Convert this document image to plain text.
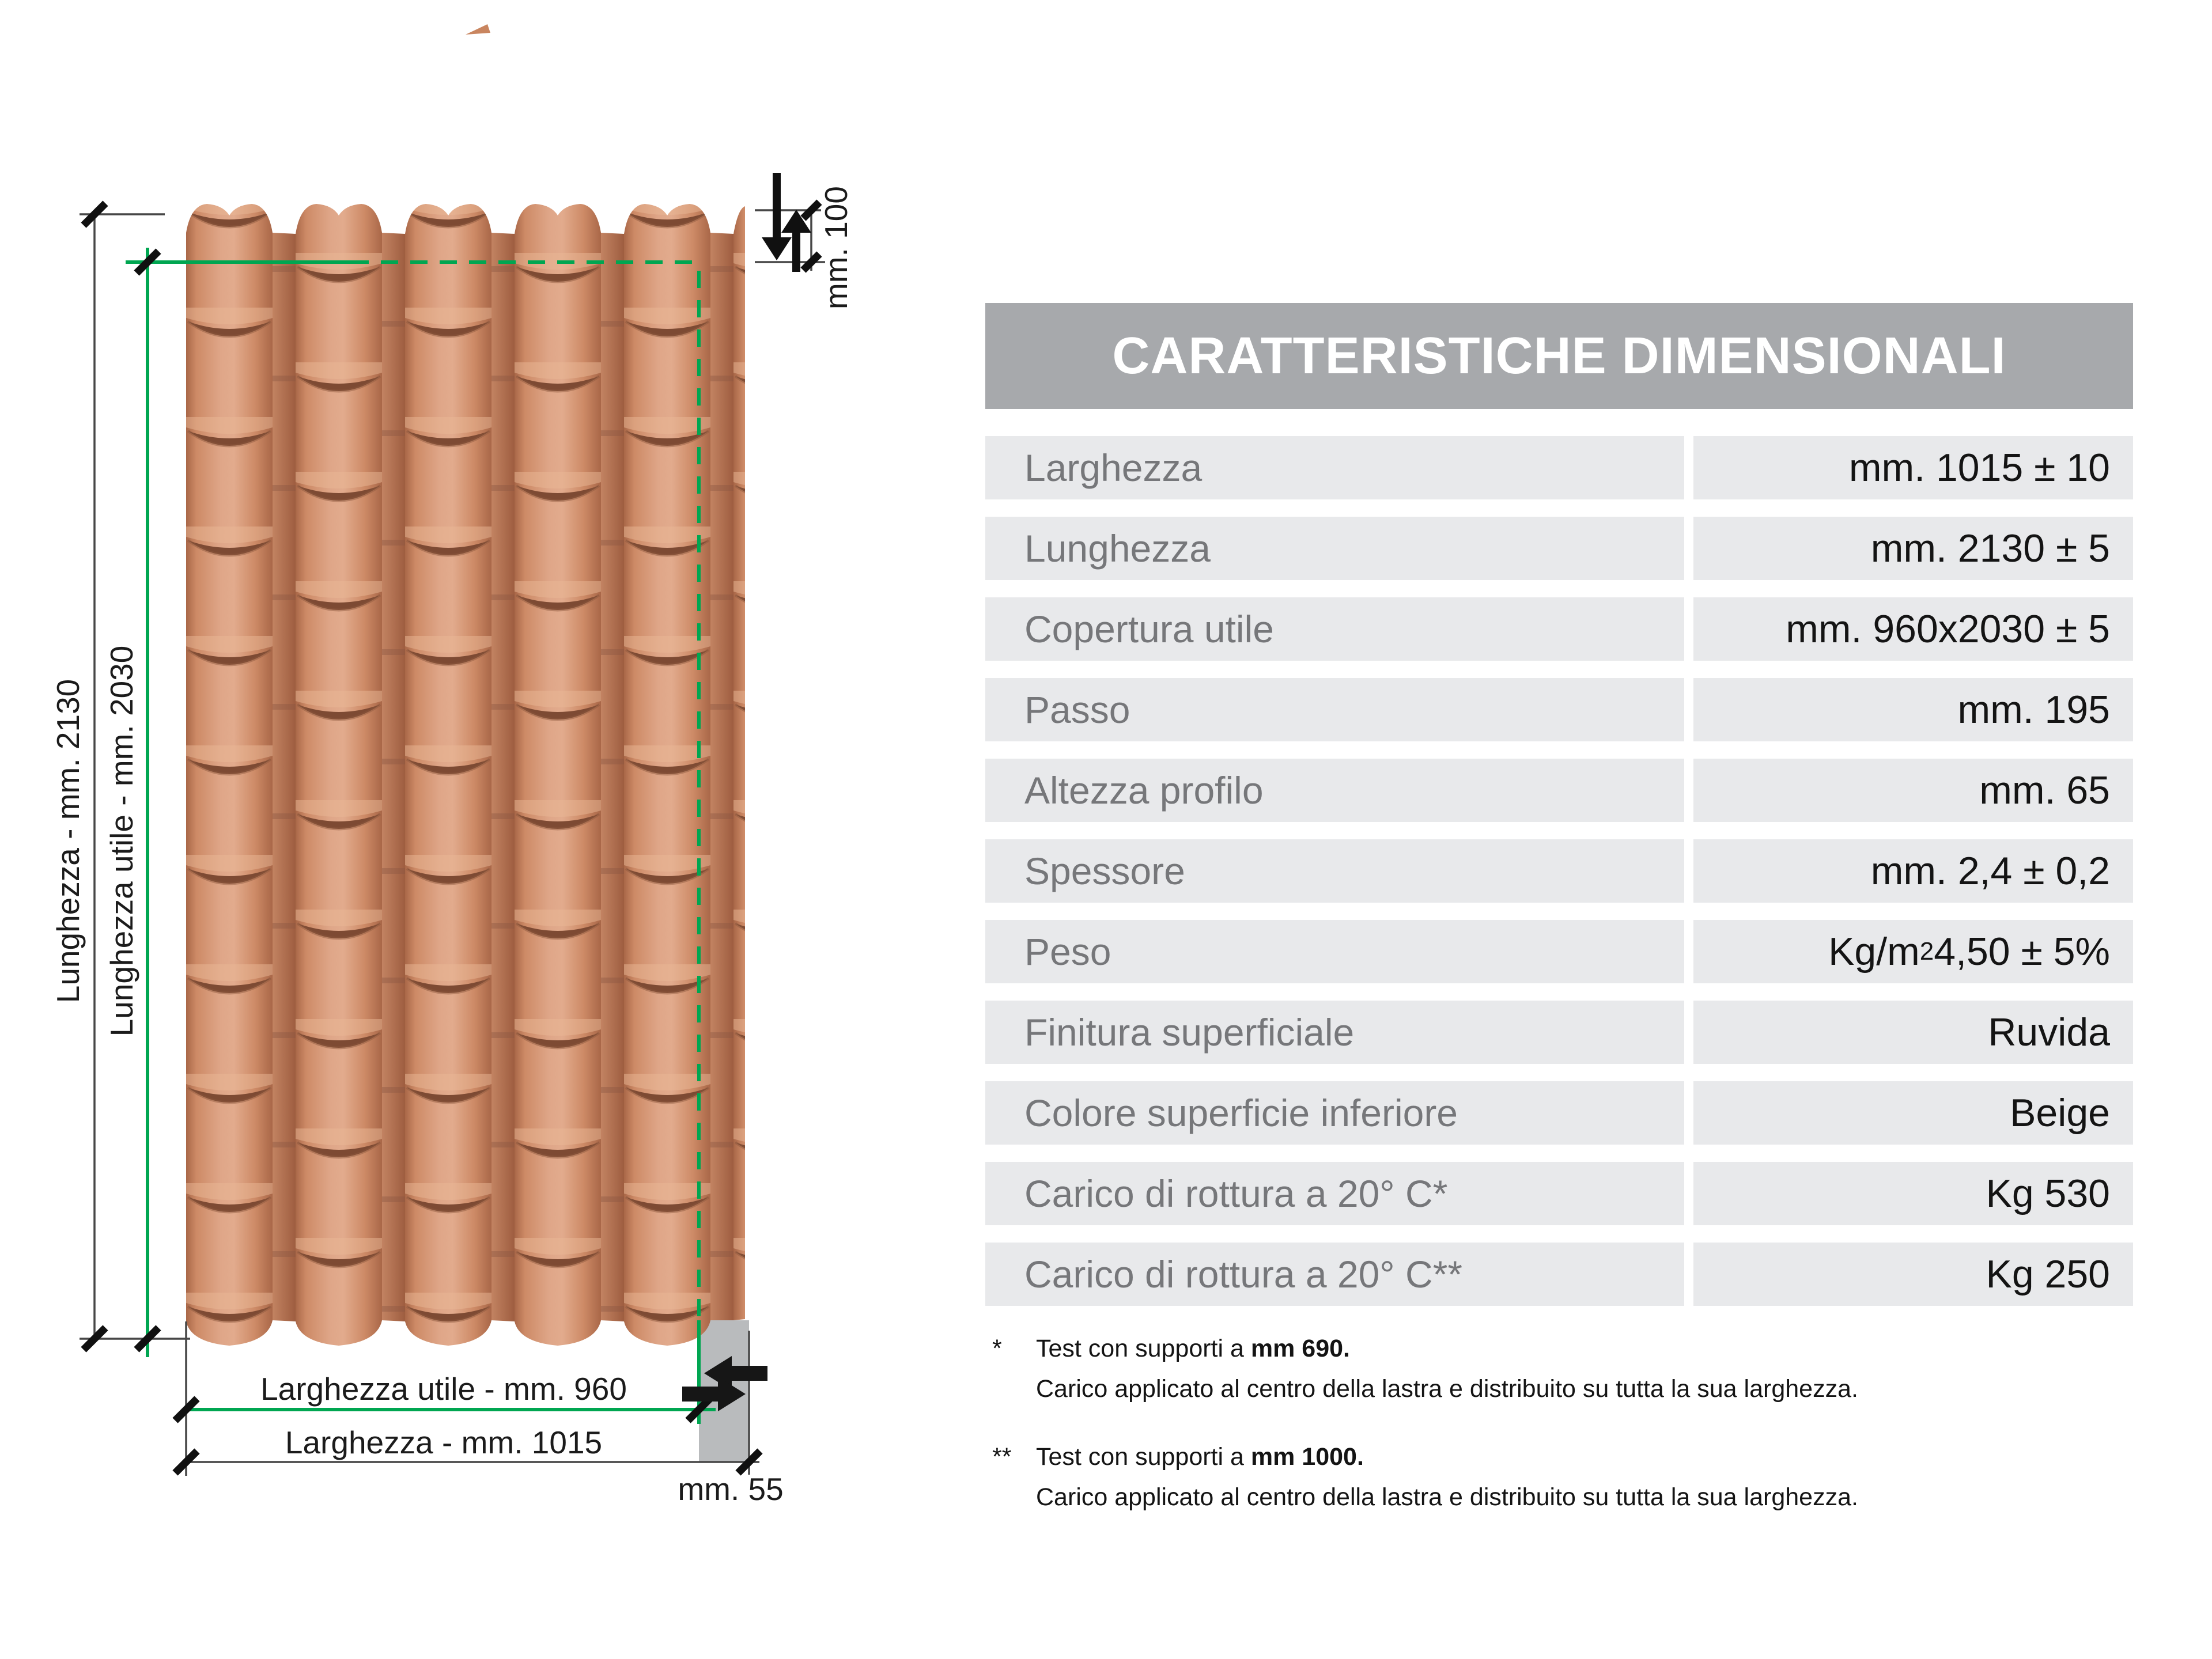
Lunghezza - mm. 2130 Lunghezza utile - mm. 2030
mm. 100
Larghezza utile - mm. 960
Larghezza - mm. 1015
mm. 55
CARATTERISTICHE DIMENSIONALI
Larghezza	mm. 1015 ± 10
Lunghezza	mm. 2130 ± 5
Copertura utile	mm. 960x2030 ± 5
Passo	mm. 195
Altezza profilo	mm. 65
Spessore	mm. 2,4 ± 0,2
Peso	Kg/m 2 4,50 ± 5%
Finitura superficiale	Ruvida
Colore superficie inferiore	Beige
Carico di rottura a 20° C*	Kg 530
Carico di rottura a 20° C**	Kg 250
*	Test con supporti a mm 690.
Carico applicato al centro della lastra e distribuito su tutta la sua larghezza.
** Test con supporti a mm 1000.
Carico applicato al centro della lastra e distribuito su tutta la sua larghezza.
